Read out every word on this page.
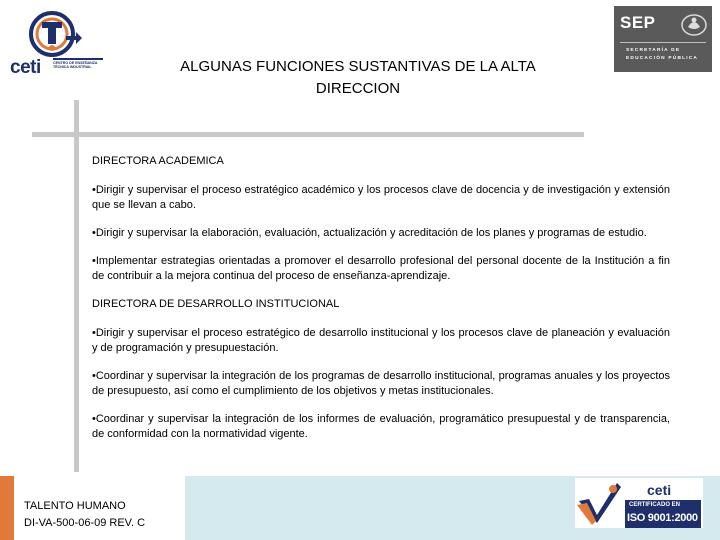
ceti	CENTRO DE ENSEÑANZA
TÉCNICA INDUSTRIAL
SEP
SECRETARÍA DE
EDUCACIÓN PÚBLICA
ALGUNAS FUNCIONES SUSTANTIVAS DE LA ALTA
DIRECCION
DIRECTORA ACADEMICA

•Dirigir y supervisar el proceso estratégico académico y los procesos clave de docencia y de investigación y extensión que se llevan a cabo.

•Dirigir y supervisar la elaboración, evaluación, actualización y acreditación de los planes y programas de estudio.

•Implementar estrategias orientadas a promover el desarrollo profesional del personal docente de la Institución a fin de contribuir a la mejora continua del proceso de enseñanza-aprendizaje.

DIRECTORA DE DESARROLLO INSTITUCIONAL

•Dirigir y supervisar el proceso estratégico de desarrollo institucional y los procesos clave de planeación y evaluación y de programación y presupuestación.

•Coordinar y supervisar la integración de los programas de desarrollo institucional, programas anuales y los proyectos de presupuesto, así como el cumplimiento de los objetivos y metas institucionales.

•Coordinar y supervisar la integración de los informes de evaluación, programático presupuestal y de transparencia, de conformidad con la normatividad vigente.

TALENTO HUMANO
DI-VA-500-06-09 REV. C
ceti
CERTIFICADO EN
ISO 9001:2000
